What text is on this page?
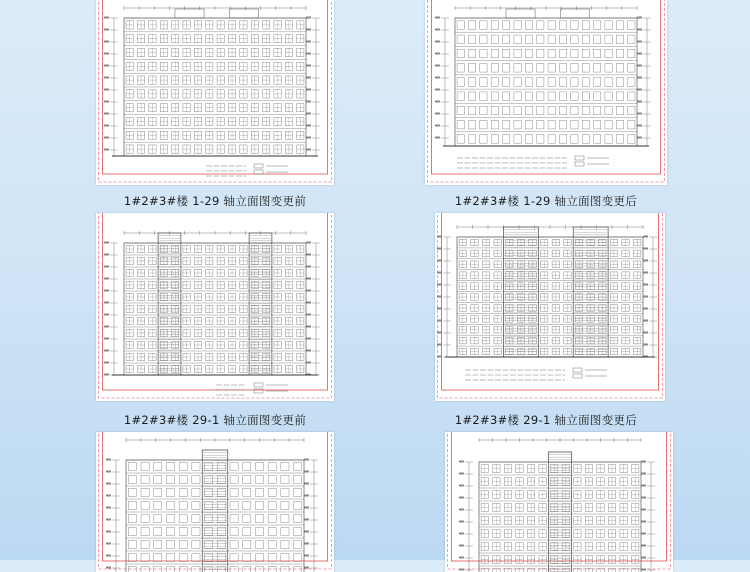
1#2#3#楼 1-29 轴立面图变更前	1#2#3#楼 1-29 轴立面图变更后
1#2#3#楼 29-1 轴立面图变更前	1#2#3#楼 29-1 轴立面图变更后
